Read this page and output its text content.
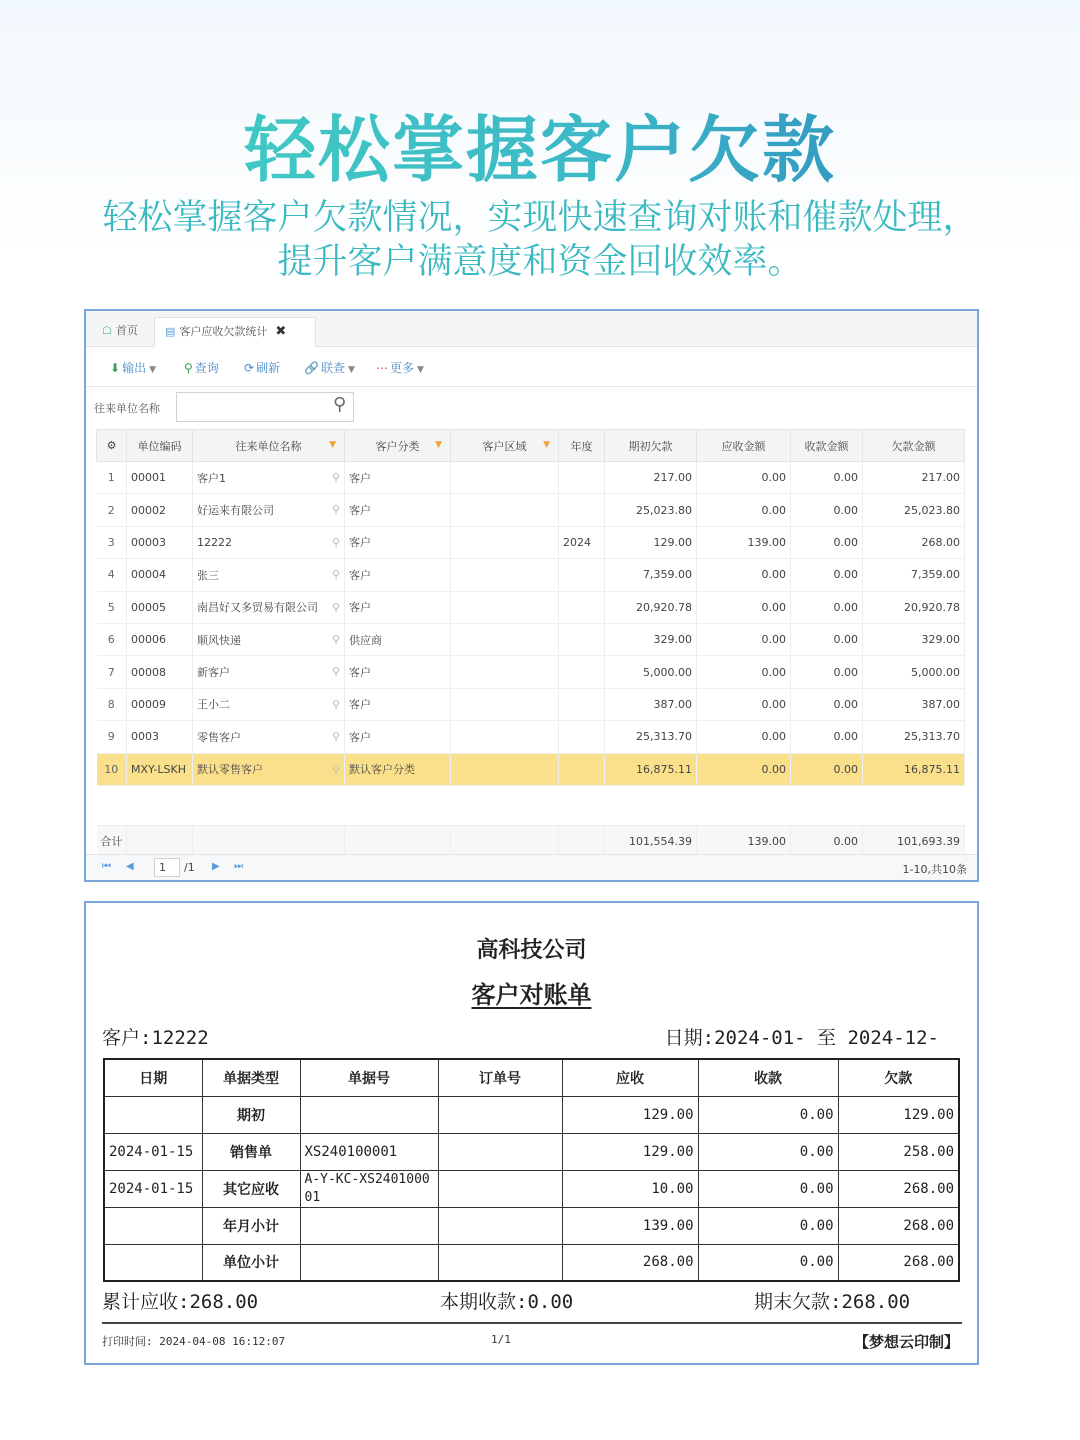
轻松掌握客户欠款
轻松掌握客户欠款情况，实现快速查询对账和催款处理，
提升客户满意度和资金回收效率。
☖ 首页	▤ 客户应收欠款统计 ✖
⬇ 输出 ▼ ⚲ 查询 ⟳ 刷新 🔗 联查 ▼ ⋯ 更多 ▼
往来单位名称	⚲
⚙	单位编码	往来单位名称 ▼	客户分类 ▼	客户区域 ▼	年度	期初欠款	应收金额	收款金额	欠款金额
1	00001	客户1 ⚲	客户			217.00	0.00	0.00	217.00
2	00002	好运来有限公司 ⚲	客户			25,023.80	0.00	0.00	25,023.80
3	00003	12222 ⚲	客户		2024	129.00	139.00	0.00	268.00
4	00004	张三 ⚲	客户			7,359.00	0.00	0.00	7,359.00
5	00005	南昌好又多贸易有限公司 ⚲	客户			20,920.78	0.00	0.00	20,920.78
6	00006	顺风快递 ⚲	供应商			329.00	0.00	0.00	329.00
7	00008	新客户 ⚲	客户			5,000.00	0.00	0.00	5,000.00
8	00009	王小二 ⚲	客户			387.00	0.00	0.00	387.00
9	0003	零售客户 ⚲	客户			25,313.70	0.00	0.00	25,313.70
10	MXY-LSKH	默认零售客户 ⚲	默认客户分类			16,875.11	0.00	0.00	16,875.11

合计						101,554.39	139.00	0.00	101,693.39
⏮ ◀	1	/1 ▶ ⏭	1-10,共10条
高科技公司
客户对账单
客户:12222	日期:2024-01- 至 2024-12-
日期	单据类型	单据号	订单号	应收	收款	欠款
	期初			129.00	0.00	129.00
2024-01-15	销售单	XS240100001		129.00	0.00	258.00
2024-01-15	其它应收	A-Y-KC-XS240100001		10.00	0.00	268.00
	年月小计			139.00	0.00	268.00
	单位小计			268.00	0.00	268.00
累计应收:268.00	本期收款:0.00	期末欠款:268.00
打印时间: 2024-04-08 16:12:07	1/1	【梦想云印制】
